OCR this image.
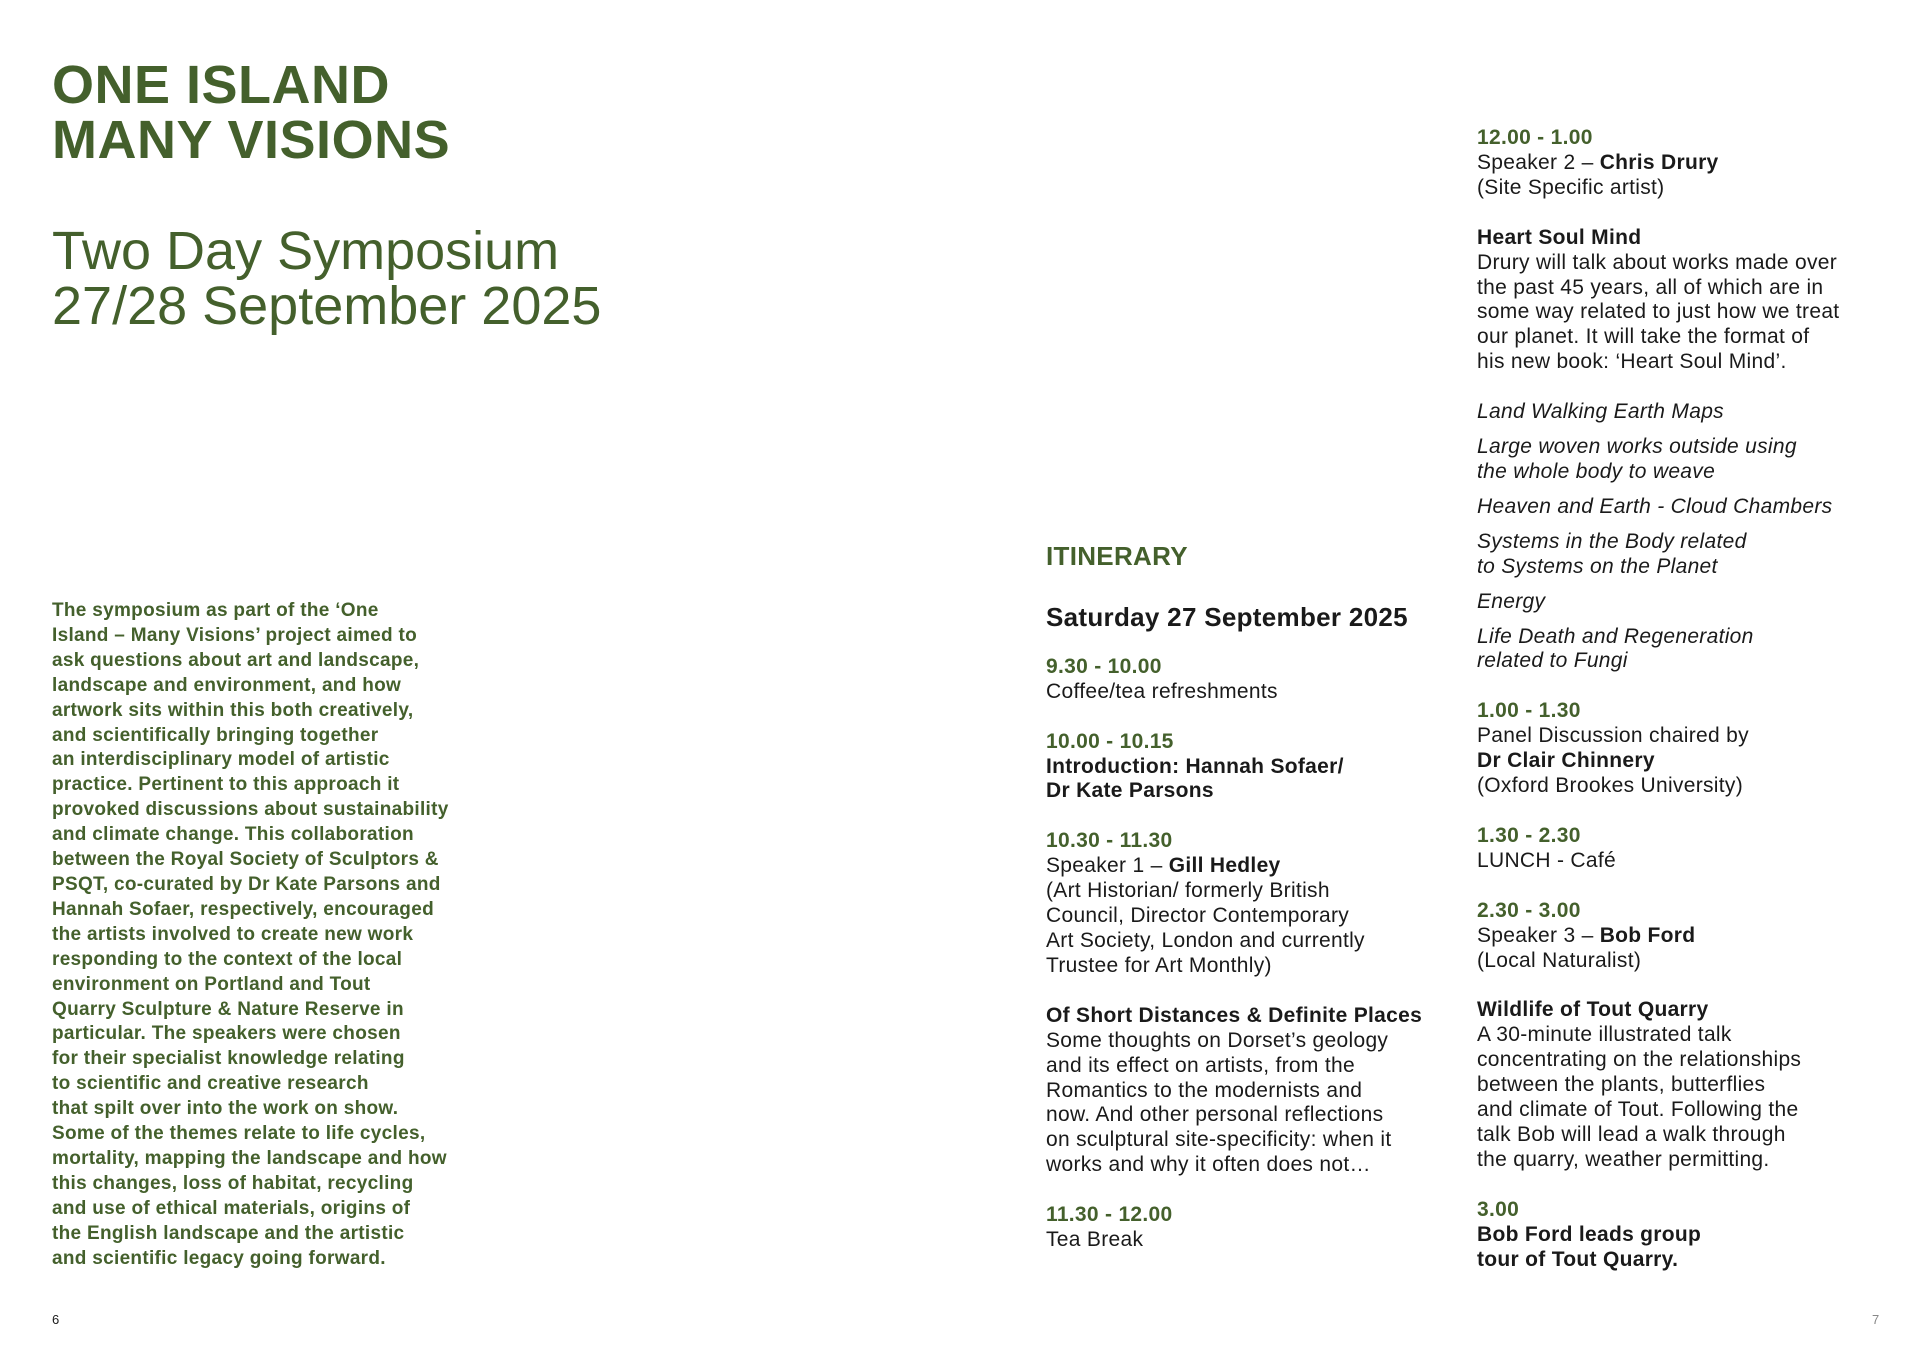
ONE ISLAND
MANY VISIONS
Two Day Symposium
27/28 September 2025
The symposium as part of the ‘One
Island – Many Visions’ project aimed to
ask questions about art and landscape,
landscape and environment, and how
artwork sits within this both creatively,
and scientifically bringing together
an interdisciplinary model of artistic
practice. Pertinent to this approach it
provoked discussions about sustainability
and climate change. This collaboration
between the Royal Society of Sculptors &
PSQT, co-curated by Dr Kate Parsons and
Hannah Sofaer, respectively, encouraged
the artists involved to create new work
responding to the context of the local
environment on Portland and Tout
Quarry Sculpture & Nature Reserve in
particular. The speakers were chosen
for their specialist knowledge relating
to scientific and creative research
that spilt over into the work on show.
Some of the themes relate to life cycles,
mortality, mapping the landscape and how
this changes, loss of habitat, recycling
and use of ethical materials, origins of
the English landscape and the artistic
and scientific legacy going forward.
6	7
ITINERARY
Saturday 27 September 2025
9.30 - 10.00
Coffee/tea refreshments
10.00 - 10.15
Introduction: Hannah Sofaer/
Dr Kate Parsons
10.30 - 11.30
Speaker 1 – Gill Hedley
(Art Historian/ formerly British
Council, Director Contemporary
Art Society, London and currently
Trustee for Art Monthly)
Of Short Distances & Definite Places
Some thoughts on Dorset’s geology
and its effect on artists, from the
Romantics to the modernists and
now. And other personal reflections
on sculptural site-specificity: when it
works and why it often does not…
11.30 - 12.00
Tea Break
12.00 - 1.00
Speaker 2 – Chris Drury
(Site Specific artist)
Heart Soul Mind
Drury will talk about works made over
the past 45 years, all of which are in
some way related to just how we treat
our planet. It will take the format of
his new book: ‘Heart Soul Mind’.
Land Walking Earth Maps
Large woven works outside using
the whole body to weave
Heaven and Earth - Cloud Chambers
Systems in the Body related
to Systems on the Planet
Energy
Life Death and Regeneration
related to Fungi
1.00 - 1.30
Panel Discussion chaired by
Dr Clair Chinnery
(Oxford Brookes University)
1.30 - 2.30
LUNCH - Café
2.30 - 3.00
Speaker 3 – Bob Ford
(Local Naturalist)
Wildlife of Tout Quarry
A 30-minute illustrated talk
concentrating on the relationships
between the plants, butterflies
and climate of Tout. Following the
talk Bob will lead a walk through
the quarry, weather permitting.
3.00
Bob Ford leads group
tour of Tout Quarry.
